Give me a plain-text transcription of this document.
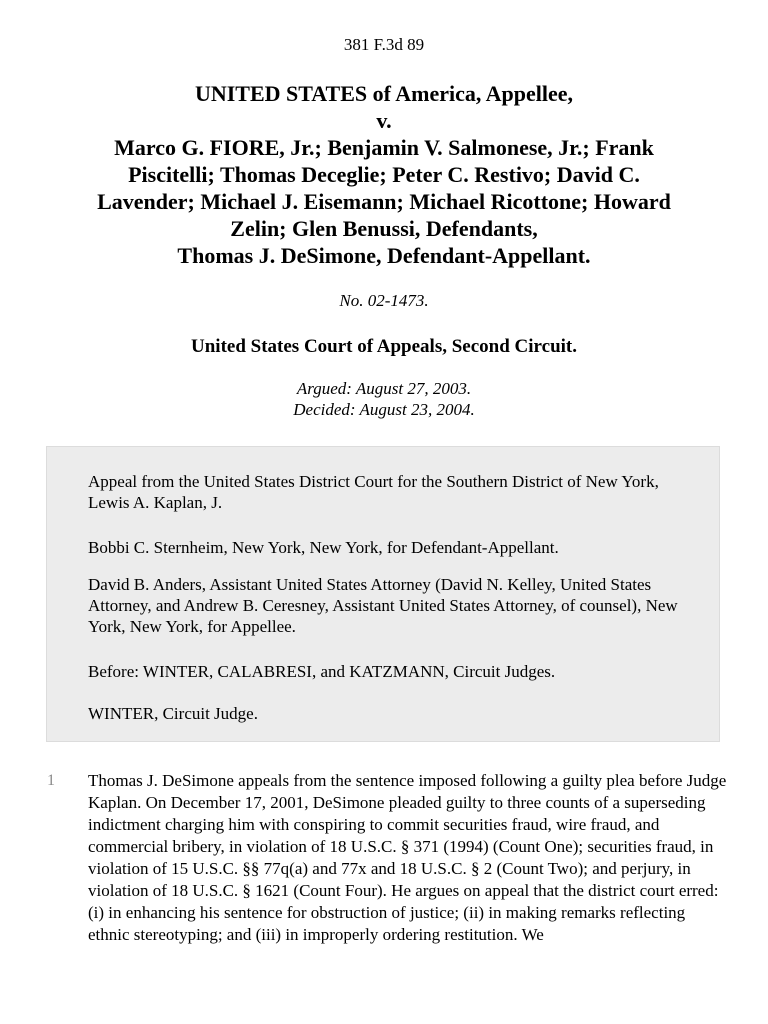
381 F.3d 89
UNITED STATES of America, Appellee,
v.
Marco G. FIORE, Jr.; Benjamin V. Salmonese, Jr.; Frank
Piscitelli; Thomas Deceglie; Peter C. Restivo; David C.
Lavender; Michael J. Eisemann; Michael Ricottone; Howard
Zelin; Glen Benussi, Defendants,
Thomas J. DeSimone, Defendant-Appellant.
No. 02-1473.
United States Court of Appeals, Second Circuit.
Argued: August 27, 2003.
Decided: August 23, 2004.

Appeal from the United States District Court for the Southern District of New York, Lewis A. Kaplan, J.

Bobbi C. Sternheim, New York, New York, for Defendant-Appellant.

David B. Anders, Assistant United States Attorney (David N. Kelley, United States Attorney, and Andrew B. Ceresney, Assistant United States Attorney, of counsel), New York, New York, for Appellee.

Before: WINTER, CALABRESI, and KATZMANN, Circuit Judges.

WINTER, Circuit Judge.

1 Thomas J. DeSimone appeals from the sentence imposed following a guilty plea before Judge Kaplan. On December 17, 2001, DeSimone pleaded guilty to three counts of a superseding indictment charging him with conspiring to commit securities fraud, wire fraud, and commercial bribery, in violation of 18 U.S.C. § 371 (1994) (Count One); securities fraud, in violation of 15 U.S.C. §§ 77q(a) and 77x and 18 U.S.C. § 2 (Count Two); and perjury, in violation of 18 U.S.C. § 1621 (Count Four). He argues on appeal that the district court erred: (i) in enhancing his sentence for obstruction of justice; (ii) in making remarks reflecting ethnic stereotyping; and (iii) in improperly ordering restitution. We
